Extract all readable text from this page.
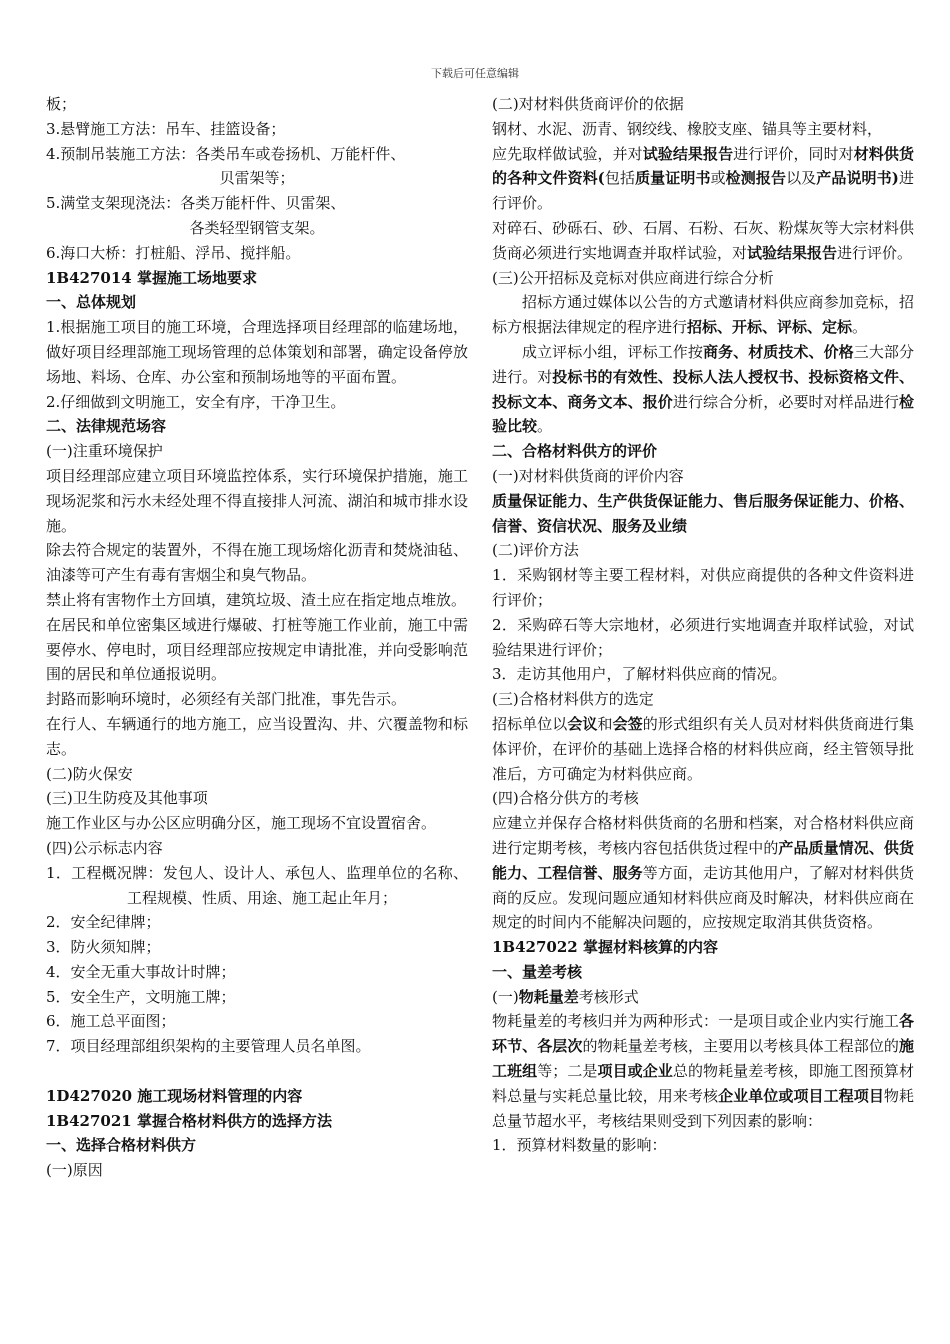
下载后可任意编辑
板；
3.悬臂施工方法：吊车、挂篮设备；
4.预制吊装施工方法：各类吊车或卷扬机、万能杆件、
贝雷架等；
5.满堂支架现浇法：各类万能杆件、贝雷架、
各类轻型钢管支架。
6.海口大桥：打桩船、浮吊、搅拌船。
1B427014 掌握施工场地要求
一、总体规划
1.根据施工项目的施工环境，合理选择项目经理部的临建场地，做好项目经理部施工现场管理的总体策划和部署，确定设备停放场地、料场、仓库、办公室和预制场地等的平面布置。
2.仔细做到文明施工，安全有序，干净卫生。
二、法律规范场容
(一)注重环境保护
项目经理部应建立项目环境监控体系，实行环境保护措施，施工现场泥浆和污水未经处理不得直接排人河流、湖泊和城市排水设施。
除去符合规定的装置外，不得在施工现场熔化沥青和焚烧油毡、油漆等可产生有毒有害烟尘和臭气物品。
禁止将有害物作土方回填，建筑垃圾、渣土应在指定地点堆放。
在居民和单位密集区域进行爆破、打桩等施工作业前，施工中需要停水、停电时，项目经理部应按规定申请批准，并向受影响范围的居民和单位通报说明。
封路而影响环境时，必须经有关部门批准，事先告示。
在行人、车辆通行的地方施工，应当设置沟、井、穴覆盖物和标志。
(二)防火保安
(三)卫生防疫及其他事项
施工作业区与办公区应明确分区，施工现场不宜设置宿舍。
(四)公示标志内容
1．工程概况牌：发包人、设计人、承包人、监理单位的名称、工程规模、性质、用途、施工起止年月；
2．安全纪律牌；
3．防火须知牌；
4．安全无重大事故计时牌；
5．安全生产，文明施工牌；
6．施工总平面图；
7．项目经理部组织架构的主要管理人员名单图。
1D427020 施工现场材料管理的内容
1B427021 掌握合格材料供方的选择方法
一、选择合格材料供方
(一)原因
(二)对材料供货商评价的依据
钢材、水泥、沥青、钢绞线、橡胶支座、锚具等主要材料，
应先取样做试验，并对试验结果报告进行评价，同时对材料供货的各种文件资料(包括质量证明书或检测报告以及产品说明书)进行评价。
对碎石、砂砾石、砂、石屑、石粉、石灰、粉煤灰等大宗材料供货商必须进行实地调查并取样试验，对试验结果报告进行评价。
(三)公开招标及竞标对供应商进行综合分析
招标方通过媒体以公告的方式邀请材料供应商参加竞标，招标方根据法律规定的程序进行招标、开标、评标、定标。
成立评标小组，评标工作按商务、材质技术、价格三大部分进行。对投标书的有效性、投标人法人授权书、投标资格文件、投标文本、商务文本、报价进行综合分析，必要时对样品进行检验比较。
二、合格材料供方的评价
(一)对材料供货商的评价内容
质量保证能力、生产供货保证能力、售后服务保证能力、价格、信誉、资信状况、服务及业绩
(二)评价方法
1．采购钢材等主要工程材料，对供应商提供的各种文件资料进行评价；
2．采购碎石等大宗地材，必须进行实地调查并取样试验，对试验结果进行评价；
3．走访其他用户，了解材料供应商的情况。
(三)合格材料供方的选定
招标单位以会议和会签的形式组织有关人员对材料供货商进行集体评价，在评价的基础上选择合格的材料供应商，经主管领导批准后，方可确定为材料供应商。
(四)合格分供方的考核
应建立并保存合格材料供货商的名册和档案，对合格材料供应商进行定期考核，考核内容包括供货过程中的产品质量情况、供货能力、工程信誉、服务等方面，走访其他用户，了解对材料供货商的反应。发现问题应通知材料供应商及时解决，材料供应商在规定的时间内不能解决问题的，应按规定取消其供货资格。
1B427022 掌握材料核算的内容
一、量差考核
(一)物耗量差考核形式
物耗量差的考核归并为两种形式：一是项目或企业内实行施工各环节、各层次的物耗量差考核，主要用以考核具体工程部位的施工班组等；二是项目或企业总的物耗量差考核，即施工图预算材料总量与实耗总量比较，用来考核企业单位或项目工程项目物耗总量节超水平，考核结果则受到下列因素的影响：
1．预算材料数量的影响：
